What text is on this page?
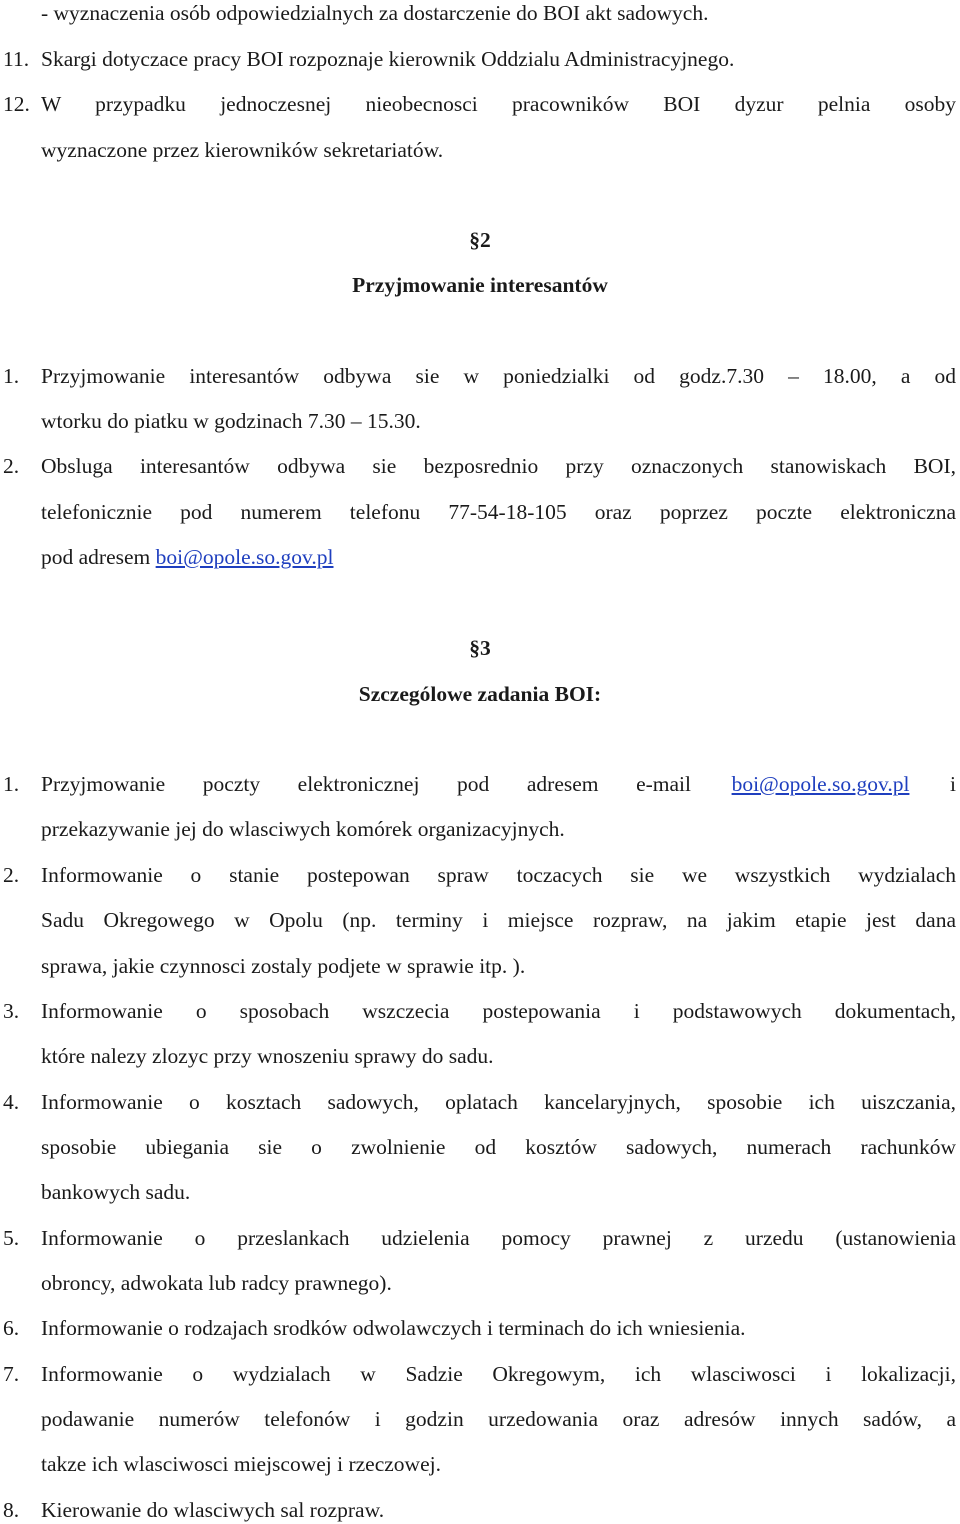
- wyznaczenia osób odpowiedzialnych za dostarczenie do BOI akt sadowych.
11. Skargi dotyczace pracy BOI rozpoznaje kierownik Oddzialu Administracyjnego.
12. W przypadku jednoczesnej nieobecnosci pracowników BOI dyzur pelnia osoby
wyznaczone przez kierowników sekretariatów.
§2
Przyjmowanie interesantów
1. Przyjmowanie interesantów odbywa sie w poniedzialki od godz.7.30 – 18.00, a od
wtorku do piatku w godzinach 7.30 – 15.30.
2. Obsluga interesantów odbywa sie bezposrednio przy oznaczonych stanowiskach BOI,
telefonicznie pod numerem telefonu 77-54-18-105 oraz poprzez poczte elektroniczna
pod adresem boi@opole.so.gov.pl
§3
Szczególowe zadania BOI:
1. Przyjmowanie poczty elektronicznej pod adresem e-mail boi@opole.so.gov.pl i
przekazywanie jej do wlasciwych komórek organizacyjnych.
2. Informowanie o stanie postepowan spraw toczacych sie we wszystkich wydzialach
Sadu Okregowego w Opolu (np. terminy i miejsce rozpraw, na jakim etapie jest dana
sprawa, jakie czynnosci zostaly podjete w sprawie itp. ).
3. Informowanie o sposobach wszczecia postepowania i podstawowych dokumentach,
które nalezy zlozyc przy wnoszeniu sprawy do sadu.
4. Informowanie o kosztach sadowych, oplatach kancelaryjnych, sposobie ich uiszczania,
sposobie ubiegania sie o zwolnienie od kosztów sadowych, numerach rachunków
bankowych sadu.
5. Informowanie o przeslankach udzielenia pomocy prawnej z urzedu (ustanowienia
obroncy, adwokata lub radcy prawnego).
6. Informowanie o rodzajach srodków odwolawczych i terminach do ich wniesienia.
7. Informowanie o wydzialach w Sadzie Okregowym, ich wlasciwosci i lokalizacji,
podawanie numerów telefonów i godzin urzedowania oraz adresów innych sadów, a
takze ich wlasciwosci miejscowej i rzeczowej.
8. Kierowanie do wlasciwych sal rozpraw.
